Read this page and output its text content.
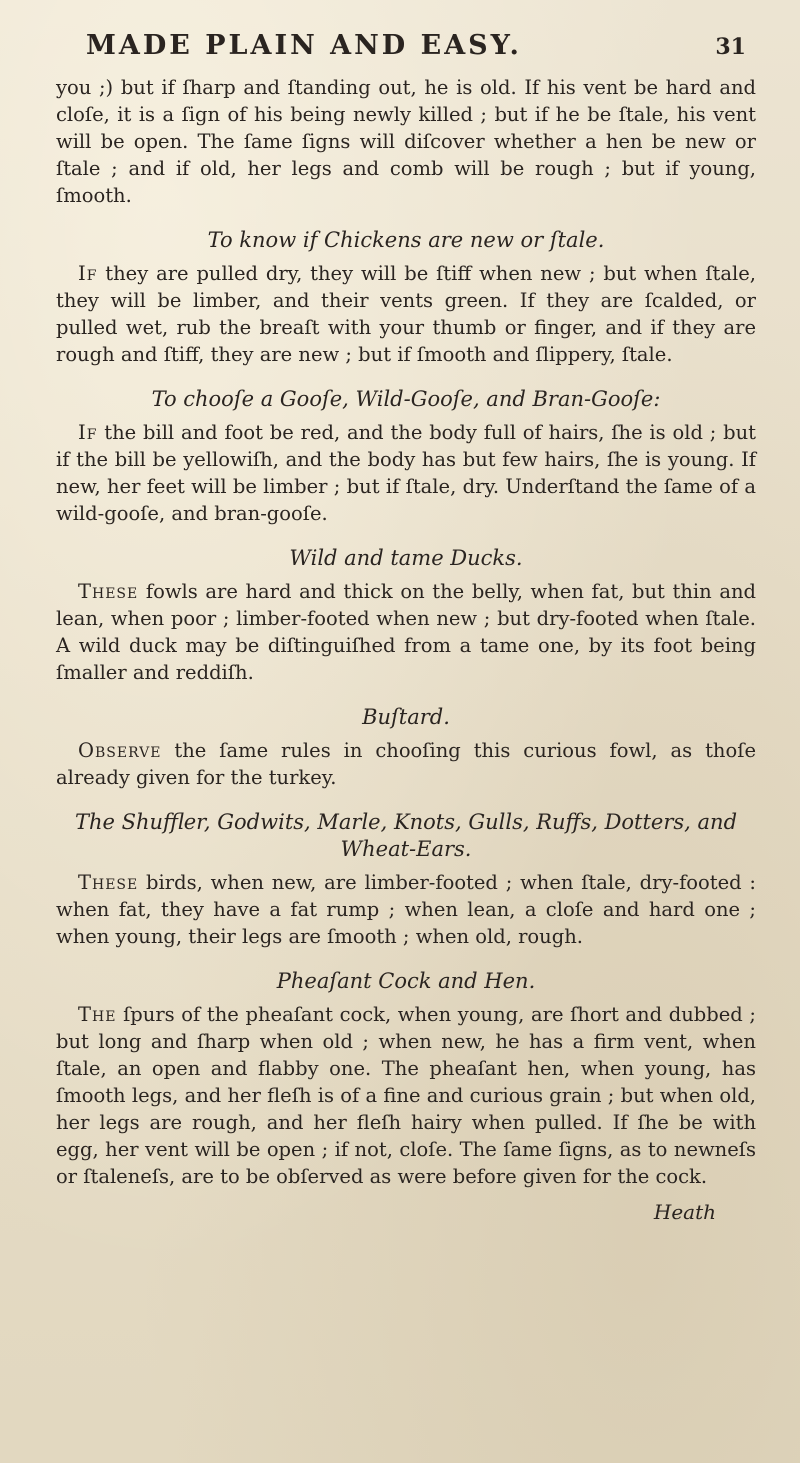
MADE PLAIN AND EASY.	31

you ;) but if ſharp and ſtanding out, he is old. If his vent be hard and cloſe, it is a ſign of his being newly killed ; but if he be ſtale, his vent will be open. The ſame ſigns will diſcover whether a hen be new or ſtale ; and if old, her legs and comb will be rough ; but if young, ſmooth.

To know if Chickens are new or ſtale.

If they are pulled dry, they will be ſtiff when new ; but when ſtale, they will be limber, and their vents green. If they are ſcalded, or pulled wet, rub the breaſt with your thumb or finger, and if they are rough and ſtiff, they are new ; but if ſmooth and ſlippery, ſtale.

To chooſe a Gooſe, Wild-Gooſe, and Bran-Gooſe:

If the bill and foot be red, and the body full of hairs, ſhe is old ; but if the bill be yellowiſh, and the body has but few hairs, ſhe is young. If new, her feet will be limber ; but if ſtale, dry. Underſtand the ſame of a wild-gooſe, and bran-gooſe.

Wild and tame Ducks.

These fowls are hard and thick on the belly, when fat, but thin and lean, when poor ; limber-footed when new ; but dry-footed when ſtale. A wild duck may be diſtinguiſhed from a tame one, by its foot being ſmaller and reddiſh.

Buſtard.

Observe the ſame rules in chooſing this curious fowl, as thoſe already given for the turkey.

The Shuffler, Godwits, Marle, Knots, Gulls, Ruffs, Dotters, and Wheat-Ears.

These birds, when new, are limber-footed ; when ſtale, dry-footed : when fat, they have a fat rump ; when lean, a cloſe and hard one ; when young, their legs are ſmooth ; when old, rough.

Pheaſant Cock and Hen.

The ſpurs of the pheaſant cock, when young, are ſhort and dubbed ; but long and ſharp when old ; when new, he has a firm vent, when ſtale, an open and flabby one. The pheaſant hen, when young, has ſmooth legs, and her fleſh is of a fine and curious grain ; but when old, her legs are rough, and her fleſh hairy when pulled. If ſhe be with egg, her vent will be open ; if not, cloſe. The ſame ſigns, as to newneſs or ſtaleneſs, are to be obſerved as were before given for the cock.

Heath
